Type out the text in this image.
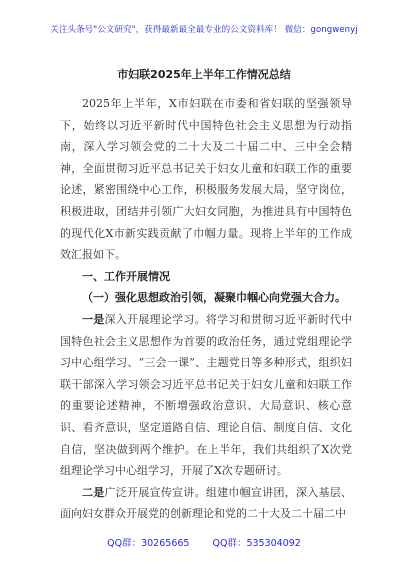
关注头条号"公文研究"，获得最新最全最专业的公文资料库！ 微信：gongwenyj
市妇联2025年上半年工作情况总结

2025年上半年，X市妇联在市委和省妇联的坚强领导下，始终以习近平新时代中国特色社会主义思想为行动指南，深入学习领会党的二十大及二十届二中、三中全会精神，全面贯彻习近平总书记关于妇女儿童和妇联工作的重要论述，紧密围绕中心工作，积极服务发展大局，坚守岗位，积极进取，团结并引领广大妇女同胞，为推进具有中国特色的现代化X市新实践贡献了巾帼力量。现将上半年的工作成效汇报如下。

一、工作开展情况

（一）强化思想政治引领，凝聚巾帼心向党强大合力。

一是深入开展理论学习。将学习和贯彻习近平新时代中国特色社会主义思想作为首要的政治任务，通过党组理论学习中心组学习、“三会一课”、主题党日等多种形式，组织妇联干部深入学习领会习近平总书记关于妇女儿童和妇联工作的重要论述精神，不断增强政治意识、大局意识、核心意识、看齐意识，坚定道路自信、理论自信、制度自信、文化自信，坚决做到两个维护。在上半年，我们共组织了X次党组理论学习中心组学习，开展了X次专题研讨。

二是广泛开展宣传宣讲。组建巾帼宣讲团，深入基层、面向妇女群众开展党的创新理论和党的二十大及二十届二中

QQ群：30265665 QQ群：535304092
